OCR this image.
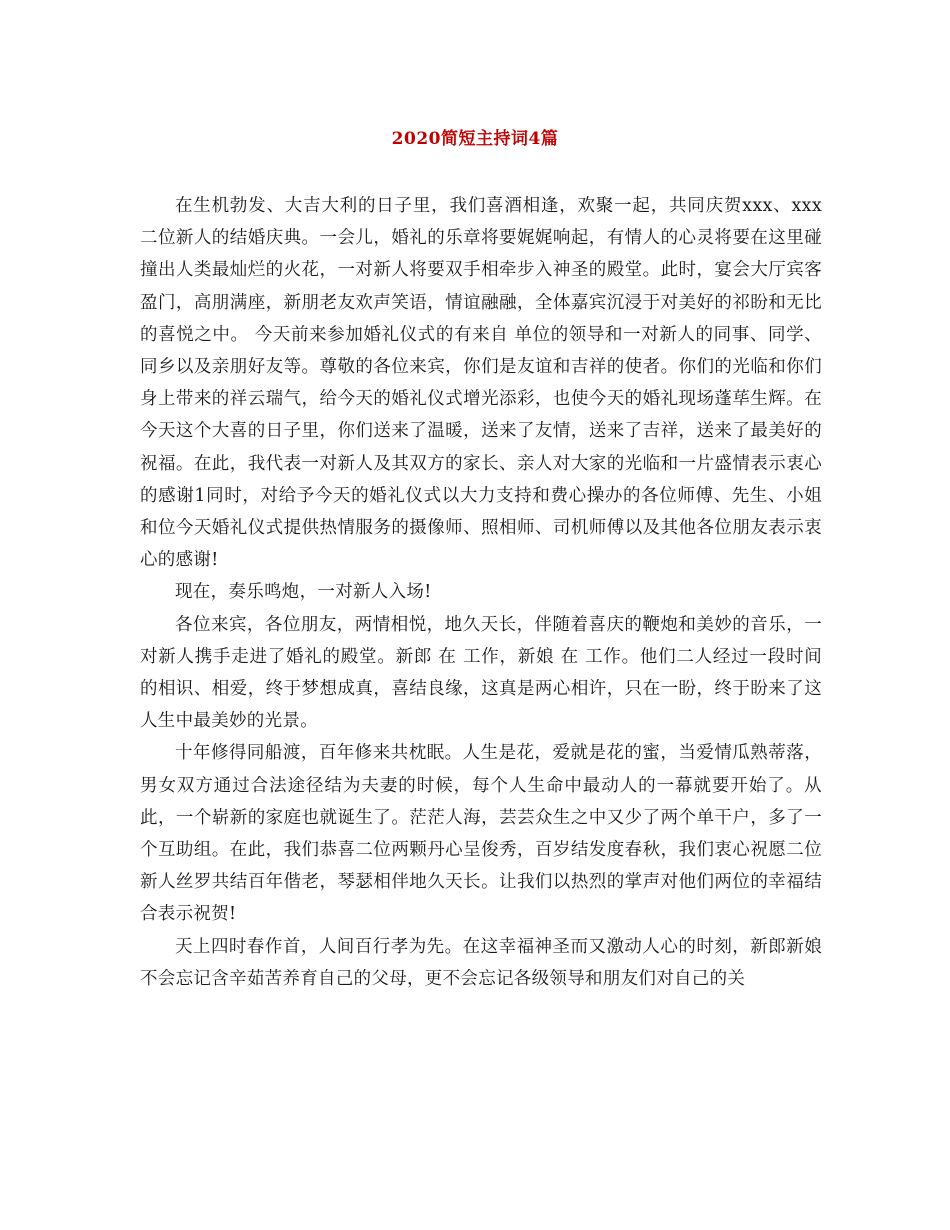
2020简短主持词4篇

在生机勃发、大吉大利的日子里，我们喜酒相逢，欢聚一起，共同庆贺xxx、xxx二位新人的结婚庆典。一会儿，婚礼的乐章将要娓娓响起，有情人的心灵将要在这里碰撞出人类最灿烂的火花，一对新人将要双手相牵步入神圣的殿堂。此时，宴会大厅宾客盈门，高朋满座，新朋老友欢声笑语，情谊融融，全体嘉宾沉浸于对美好的祁盼和无比的喜悦之中。 今天前来参加婚礼仪式的有来自 单位的领导和一对新人的同事、同学、同乡以及亲朋好友等。尊敬的各位来宾，你们是友谊和吉祥的使者。你们的光临和你们身上带来的祥云瑞气，给今天的婚礼仪式增光添彩，也使今天的婚礼现场蓬荜生辉。在今天这个大喜的日子里，你们送来了温暖，送来了友情，送来了吉祥，送来了最美好的祝福。在此，我代表一对新人及其双方的家长、亲人对大家的光临和一片盛情表示衷心的感谢1同时，对给予今天的婚礼仪式以大力支持和费心操办的各位师傅、先生、小姐和位今天婚礼仪式提供热情服务的摄像师、照相师、司机师傅以及其他各位朋友表示衷心的感谢!

现在，奏乐鸣炮，一对新人入场!

各位来宾，各位朋友，两情相悦，地久天长，伴随着喜庆的鞭炮和美妙的音乐，一对新人携手走进了婚礼的殿堂。新郎 在 工作，新娘 在 工作。他们二人经过一段时间的相识、相爱，终于梦想成真，喜结良缘，这真是两心相许，只在一盼，终于盼来了这人生中最美妙的光景。

十年修得同船渡，百年修来共枕眠。人生是花，爱就是花的蜜，当爱情瓜熟蒂落，男女双方通过合法途径结为夫妻的时候，每个人生命中最动人的一幕就要开始了。从此，一个崭新的家庭也就诞生了。茫茫人海，芸芸众生之中又少了两个单干户，多了一个互助组。在此，我们恭喜二位两颗丹心呈俊秀，百岁结发度春秋，我们衷心祝愿二位新人丝罗共结百年偕老，琴瑟相伴地久天长。让我们以热烈的掌声对他们两位的幸福结合表示祝贺!

天上四时春作首，人间百行孝为先。在这幸福神圣而又激动人心的时刻，新郎新娘不会忘记含辛茹苦养育自己的父母，更不会忘记各级领导和朋友们对自己的关
